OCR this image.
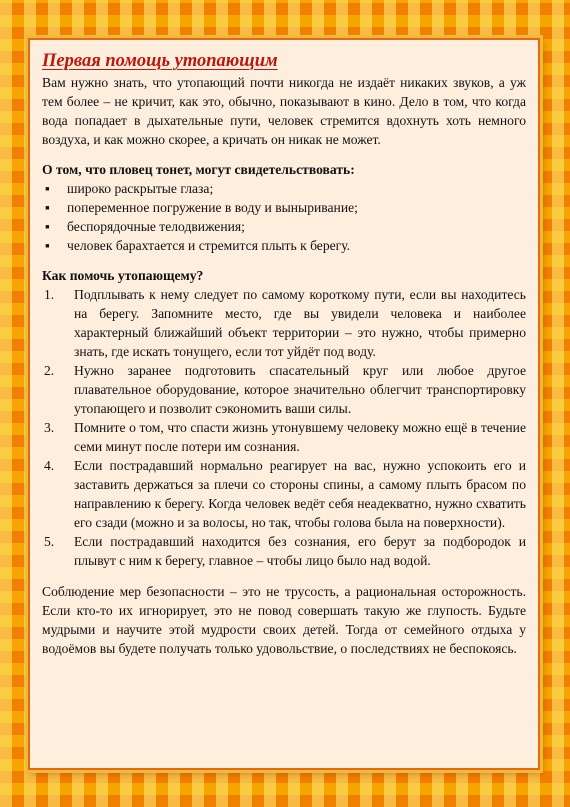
Первая помощь утопающим

Вам нужно знать, что утопающий почти никогда не издаёт никаких звуков, а уж тем более – не кричит, как это, обычно, показывают в кино. Дело в том, что когда вода попадает в дыхательные пути, человек стремится вдохнуть хоть немного воздуха, и как можно скорее, а кричать он никак не может.

О том, что пловец тонет, могут свидетельствовать:
▪ широко раскрытые глаза;
▪ попеременное погружение в воду и выныривание;
▪ беспорядочные телодвижения;
▪ человек барахтается и стремится плыть к берегу.
Как помочь утопающему?
1. Подплывать к нему следует по самому короткому пути, если вы находитесь на берегу. Запомните место, где вы увидели человека и наиболее характерный ближайший объект территории – это нужно, чтобы примерно знать, где искать тонущего, если тот уйдёт под воду.
2. Нужно заранее подготовить спасательный круг или любое другое плавательное оборудование, которое значительно облегчит транспортировку утопающего и позволит сэкономить ваши силы.
3. Помните о том, что спасти жизнь утонувшему человеку можно ещё в течение семи минут после потери им сознания.
4. Если пострадавший нормально реагирует на вас, нужно успокоить его и заставить держаться за плечи со стороны спины, а самому плыть брасом по направлению к берегу. Когда человек ведёт себя неадекватно, нужно схватить его сзади (можно и за волосы, но так, чтобы голова была на поверхности).
5. Если пострадавший находится без сознания, его берут за подбородок и плывут с ним к берегу, главное – чтобы лицо было над водой.

Соблюдение мер безопасности – это не трусость, а рациональная осторожность. Если кто-то их игнорирует, это не повод совершать такую же глупость. Будьте мудрыми и научите этой мудрости своих детей. Тогда от семейного отдыха у водоёмов вы будете получать только удовольствие, о последствиях не беспокоясь.
